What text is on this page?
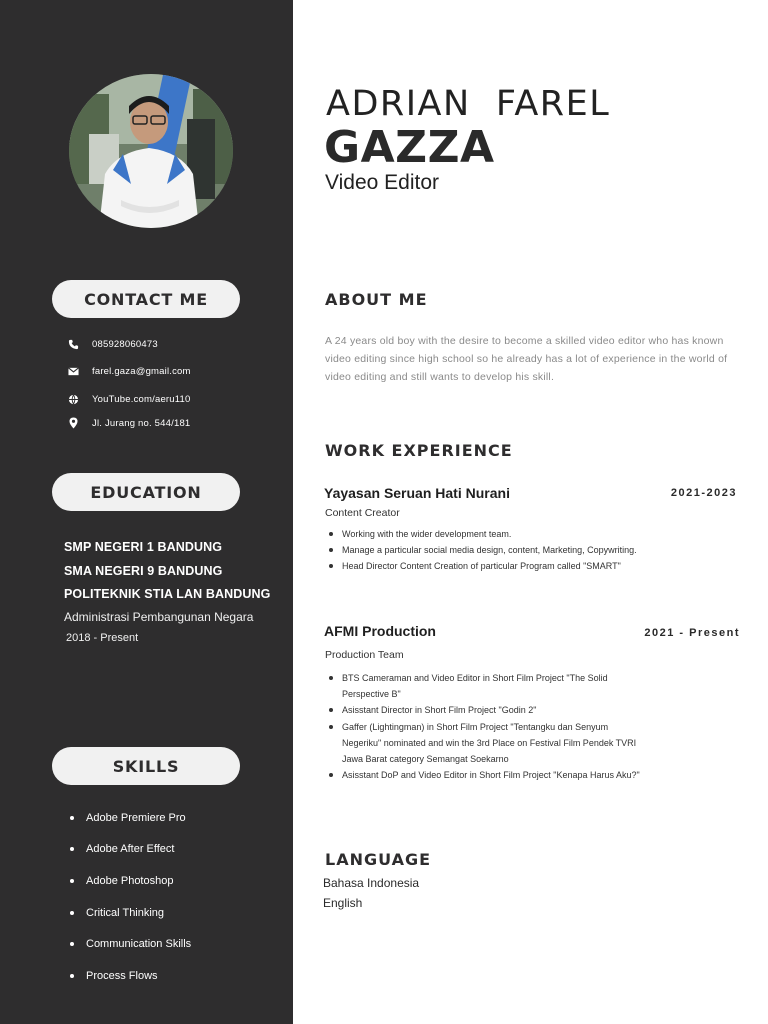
CONTACT ME
085928060473
farel.gaza@gmail.com
YouTube.com/aeru110
Jl. Jurang no. 544/181
EDUCATION
SMP NEGERI 1 BANDUNG
SMA NEGERI 9 BANDUNG
POLITEKNIK STIA LAN BANDUNG
Administrasi Pembangunan Negara
2018 - Present
SKILLS
Adobe Premiere Pro
Adobe After Effect
Adobe Photoshop
Critical Thinking
Communication Skills
Process Flows
ADRIAN  FAREL
GAZZA
Video Editor
ABOUT ME
A 24 years old boy with the desire to become a skilled video editor who has known video editing since high school so he already has a lot of experience in the world of video editing and still wants to develop his skill.
WORK EXPERIENCE
Yayasan Seruan Hati Nurani	2021-2023
Content Creator
Working with the wider development team.
Manage a particular social media design, content, Marketing, Copywriting.
Head Director Content Creation of particular Program called "SMART"
AFMI Production	2021 - Present
Production Team
BTS Cameraman and Video Editor in Short Film Project "The Solid Perspective B"
Asisstant Director in Short Film Project "Godin 2"
Gaffer (Lightingman) in Short Film Project "Tentangku dan Senyum Negeriku" nominated and win the 3rd Place on Festival Film Pendek TVRI Jawa Barat category Semangat Soekarno
Asisstant DoP and Video Editor in Short Film Project "Kenapa Harus Aku?"
LANGUAGE
Bahasa Indonesia
English
